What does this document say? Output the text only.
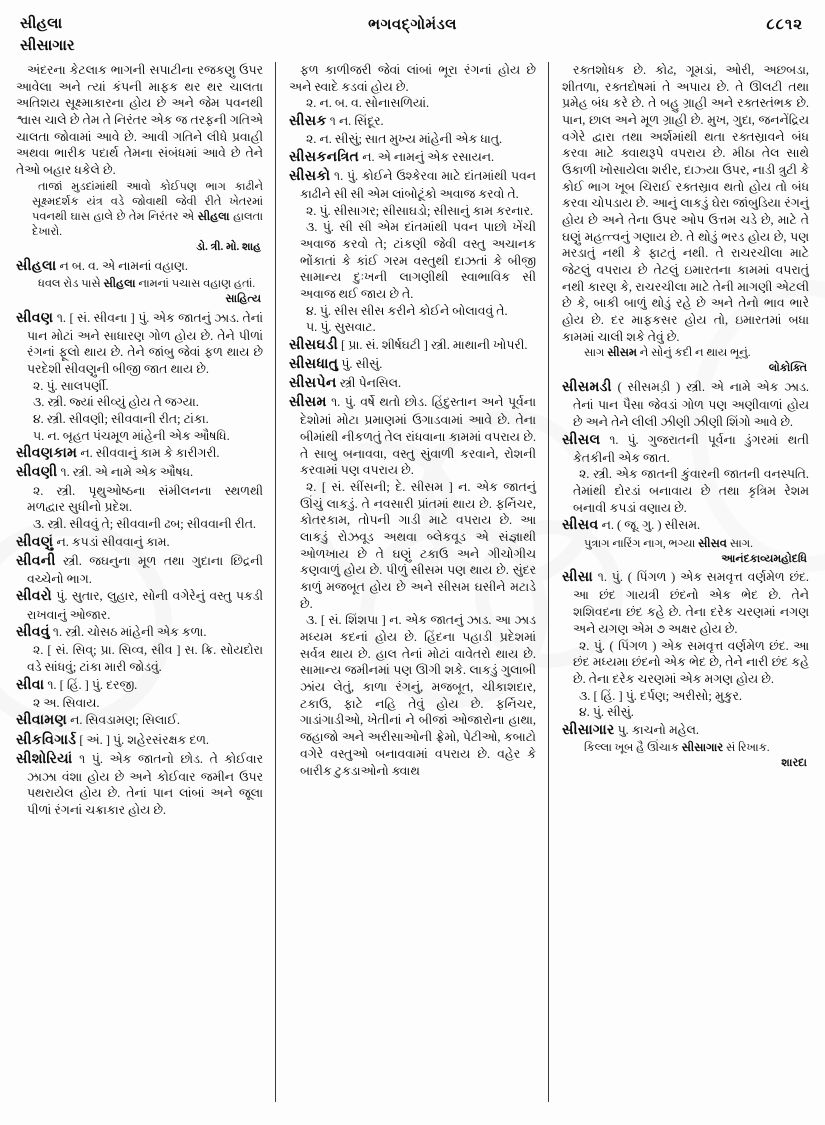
સીહલા
સીસાગાર
ભગવદ્ગોમંડલ	૮૮૧૨

અંદરના કેટલાક ભાગની સપાટીના રજકણુ ઉપર આવેલા અને ત્યાં કંપની માફક થર થર ચાલતા અતિશય સૂક્ષ્માકારના હોય છે અને જેમ પવનથી શ્વાસ ચાલે છે તેમ તે નિરંતર એક જ તરફની ગતિએ ચાલતા જોવામાં આવે છે. આવી ગતિને લીધે પ્રવાહી અથવા ભારીક પદાર્થ તેમના સંબંધમાં આવે છે તેને તેઓ બહાર ધકેલે છે.

તાજાં મુડદાંમાંથી આવો કોઈપણ ભાગ કાઢીને સૂક્ષ્મદર્શક યંત્ર વડે જોવાથી જેવી રીતે ખેતરમાં પવનથી ઘાસ હાલે છે તેમ નિરંતર એ સીહલા હાલતા દેખારો.

ડો. ત્રી. મો. શાહ

સીહલા ન બ. વ. એ નામનાં વહાણ.

ધવલ રોડ પાસે સીહલા નામનાં પચાસ વહાણ હતાં.

સાહિત્ય

સીવણ ૧. [ સં. સીવના ] પું. એક જાતનું ઝાડ. તેનાં પાન મોટાં અને સાધારણ ગોળ હોય છે. તેને પીળાં રંગનાં ફૂલો થાય છે. તેને જાંબુ જેવાં ફળ થાય છે પરદેશી સીવણુની બીજી જાત થાય છે.

૨. પું. સાલપર્ણી.

૩. સ્ત્રી. જ્યાં સીવ્યું હોય તે જગ્યા.

૪. સ્ત્રી. સીવણી; સીવવાની રીત; ટાંકા.

૫. ન. બૃહત પંચમૂળ માંહેની એક ઔષધિ.

સીવણકામ ન. સીવવાનું કામ કે કારીગરી.

સીવણી ૧. સ્ત્રી. એ નામે એક ઔષધ.

૨. સ્ત્રી. પૃથુઓષ્ઠના સંમીલનના સ્થળથી મળદ્વાર સુધીનો પ્રદેશ.

૩. સ્ત્રી. સીવવું તે; સીવવાની ઢબ; સીવવાની રીત.

સીવણું ન. કપડાં સીવવાનું કામ.

સીવની સ્ત્રી. જઘનુના મૂળ તથા ગુદાના છિદ્રની વચ્ચેનો ભાગ.

સીવરો પું. સુતાર, લુહાર, સોની વગેરેનું વસ્તુ પકડી રાખવાનું ઓજાર.

સીવવું ૧. સ્ત્રી. ચોસઠ માંહેની એક કળા.

૨. [ સં. સિવ્; પ્રા. સિવ્વ, સીવ ] સ. ક્રિ. સોયદોરા વડે સાંધવું; ટાંકા મારી જોડવું.

સીવા ૧. [ હિં. ] પું. દરજી.

૨ અ. સિવાય.

સીવામણ ન. સિવડામણ; સિલાઈ.

સીકવિગાર્ડ [ અં. ] પું. શહેરસંરક્ષક દળ.

સીશોરિયાં ૧ પું. એક જાતનો છોડ. તે કોઈવાર ઝાઝા વંશા હોય છે અને કોઈવાર જમીન ઉપર પથરાયેલ હોય છે. તેનાં પાન લાંબાં અને જૂલા પીળાં રંગનાં ચક્રાકાર હોય છે.

ફળ કાળીજરી જેવાં લાંબાં ભૂરા રંગનાં હોય છે અને સ્વાદે કડવાં હોય છે.

૨. ન. બ. વ. સોનાસળિયાં.

સીસક ૧ ન. સિંદૂર.

૨. ન. સીસું; સાત મુખ્ય માંહેની એક ધાતુ.

સીસકનત્રિત ન. એ નામનું એક રસાયન.

સીસકો ૧. પું. કોઈને ઉશ્કેરવા માટે દાંતમાંથી પવન કાઢીને સી સી એમ લાંબોટૂંકો અવાજ કરવો તે.

૨. પું. સીસાગર; સીસાઘડો; સીસાનું કામ કરનાર.

૩. પું. સી સી એમ દાંતમાંથી પવન પાછો ખેંચી અવાજ કરવો તે; ટાંકણી જેવી વસ્તુ અચાનક ભોંકાતાં કે કાંઈ ગરમ વસ્તુથી દાઝતાં કે બીજી સામાન્ય દુઃખની લાગણીથી સ્વાભાવિક સી અવાજ થઈ જાય છે તે.

૪. પું. સીસ સીસ કરીને કોઈને બોલાવવું તે.

૫. પું. સુસવાટ.

સીસઘડી [ પ્રા. સં. શીર્ષઘટી ] સ્ત્રી. માથાની ખોપરી.

સીસધાતુ પું. સીસું.

સીસપેન સ્ત્રી પેનસિલ.

સીસમ ૧. પું. વર્ષે થતો છોડ. હિંદુસ્તાન અને પૂર્વના દેશોમાં મોટા પ્રમાણમાં ઉગાડવામાં આવે છે. તેના બીમાંથી નીકળતું તેલ રાંધવાના કામમાં વપરાય છે. તે સાબુ બનાવવા, વસ્તુ સુંવાળી કરવાને, રોશની કરવામાં પણ વપરાય છે.

૨. [ સં. સીંસની; દે. સીસમ ] ન. એક જાતનું ઊંચું લાકડું. તે નવસારી પ્રાંતમાં થાય છે. ફર્નિચર, કોતરકામ, તોપની ગાડી માટે વપરાય છે. આ લાકડું રોઝવૂડ અથવા બ્લેકવૂડ એ સંજ્ઞાથી ઓળખાય છે તે ઘણું ટકાઉ અને ગીચોગીચ કણવાળું હોય છે. પીળું સીસમ પણ થાય છે. સુંદર કાળું મજબૂત હોય છે અને સીસમ ઘસીને મટાડે છે.

૩. [ સં. શિંશપા ] ન. એક જાતનું ઝાડ. આ ઝાડ મધ્યમ કદનાં હોય છે. હિંદના પહાડી પ્રદેશમાં સર્વત્ર થાય છે. હાલ તેનાં મોટાં વાવેતરો થાય છે. સામાન્ય જમીનમાં પણ ઊગી શકે. લાકડું ગુલાબી ઝાંય લેતું, કાળા રંગનું, મજબૂત, ચીકાશદાર, ટકાઉ, ફાટે નહિ તેવું હોય છે. ફર્નિચર, ગાડાંગાડીઓ, ખેતીનાં ને બીજાં ઓજારોના હાથા, જહાજો અને અરીસાઓની ફ્રેમો, પેટીઓ, કબાટો વગેરે વસ્તુઓ બનાવવામાં વપરાય છે. વહેર કે બારીક ટુકડાઓનો ક્વાથ

રક્તશોધક છે. કોઢ, ગૂમડાં, ઓરી, અછબડા, શીતળા, રક્તદોષમાં તે અપાય છે. તે ઊલટી તથા પ્રમેહ બંધ કરે છે. તે બહુ ગ્રાહી અને રક્તસ્તંભક છે. પાન, છાલ અને મૂળ ગ્રાહી છે. મુખ, ગુદા, જનનેંદ્રિય વગેરે દ્વારા તથા અર્શમાંથી થતા રક્તસ્રાવને બંધ કરવા માટે ક્વાથરૂપે વપરાય છે. મીઠા તેલ સાથે ઉકાળી ખોસાયેલા શરીર, દાઝ્યા ઉપર, નાડી ત્રુટી કે કોઈ ભાગ ખૂબ ચિરાઈ રક્તસ્રાવ થતો હોય તો બંધ કરવા ચોપડાય છે. આનું લાકડું ઘેરા જાંબુડિયા રંગનું હોય છે અને તેના ઉપર ઓપ ઉત્તમ ચડે છે, માટે તે ઘણું મહત્ત્વનું ગણાય છે. તે થોડું ભરડ હોય છે, પણ મરડાતું નથી કે ફાટતું નથી. તે રાચરચીલા માટે જેટલું વપરાય છે તેટલું ઇમારતના કામમાં વપરાતું નથી કારણ કે, રાચરચીલા માટે તેની માગણી એટલી છે કે, બાકી બાળું થોડું રહે છે અને તેનો ભાવ ભારે હોય છે. દર માફકસર હોય તો, ઇમારતમાં બધા કામમાં ચાલી શકે તેવું છે.

સાગ સીસમ ને સોનું કદી ન થાય ભૂનું.

લોકોક્તિ

સીસમડી ( સીસમડ઼ી ) સ્ત્રી. એ નામે એક ઝાડ. તેનાં પાન પૈસા જેવડાં ગોળ પણ અણીવાળાં હોય છે અને તેને લીલી ઝીણી ઝીણી શિંગો આવે છે.

સીસલ ૧. પું. ગુજરાતની પૂર્વના ડુંગરમાં થતી કેતકીની એક જાત.

૨. સ્ત્રી. એક જાતની કુંવારની જાતની વનસ્પતિ. તેમાંથી દોરડાં બનાવાય છે તથા કૃત્રિમ રેશમ બનાવી કપડાં વણાય છે.

સીસવ ન. ( જૂ. ગુ. ) સીસમ.

પુત્રાગ નારિંગ નાગ, ભગ્યા સીસવ સાગ.

આનંદકાવ્યમહોદધિ

સીસા ૧. પું. ( પિંગળ ) એક સમવૃત્ત વર્ણમેળ છંદ. આ છંદ ગાયત્રી છંદનો એક ભેદ છે. તેને શશિવદના છંદ કહે છે. તેના દરેક ચરણમાં નગણ અને યગણ એમ ૭ અક્ષર હોય છે.

૨. પું. ( પિંગળ ) એક સમવૃત્ત વર્ણમેળ છંદ. આ છંદ મધ્યમા છંદનો એક ભેદ છે, તેને નારી છંદ કહે છે. તેના દરેક ચરણમાં એક મગણ હોય છે.

૩. [ હિં. ] પું. દર્પણ; અરીસો; મુકુર.

૪. પું. સીસું.

સીસાગાર પુ. કાચનો મહેલ.

કિલ્લા ખૂબ હૈ ઊંચાક સીસાગાર સં રિખાક.

શારદા
